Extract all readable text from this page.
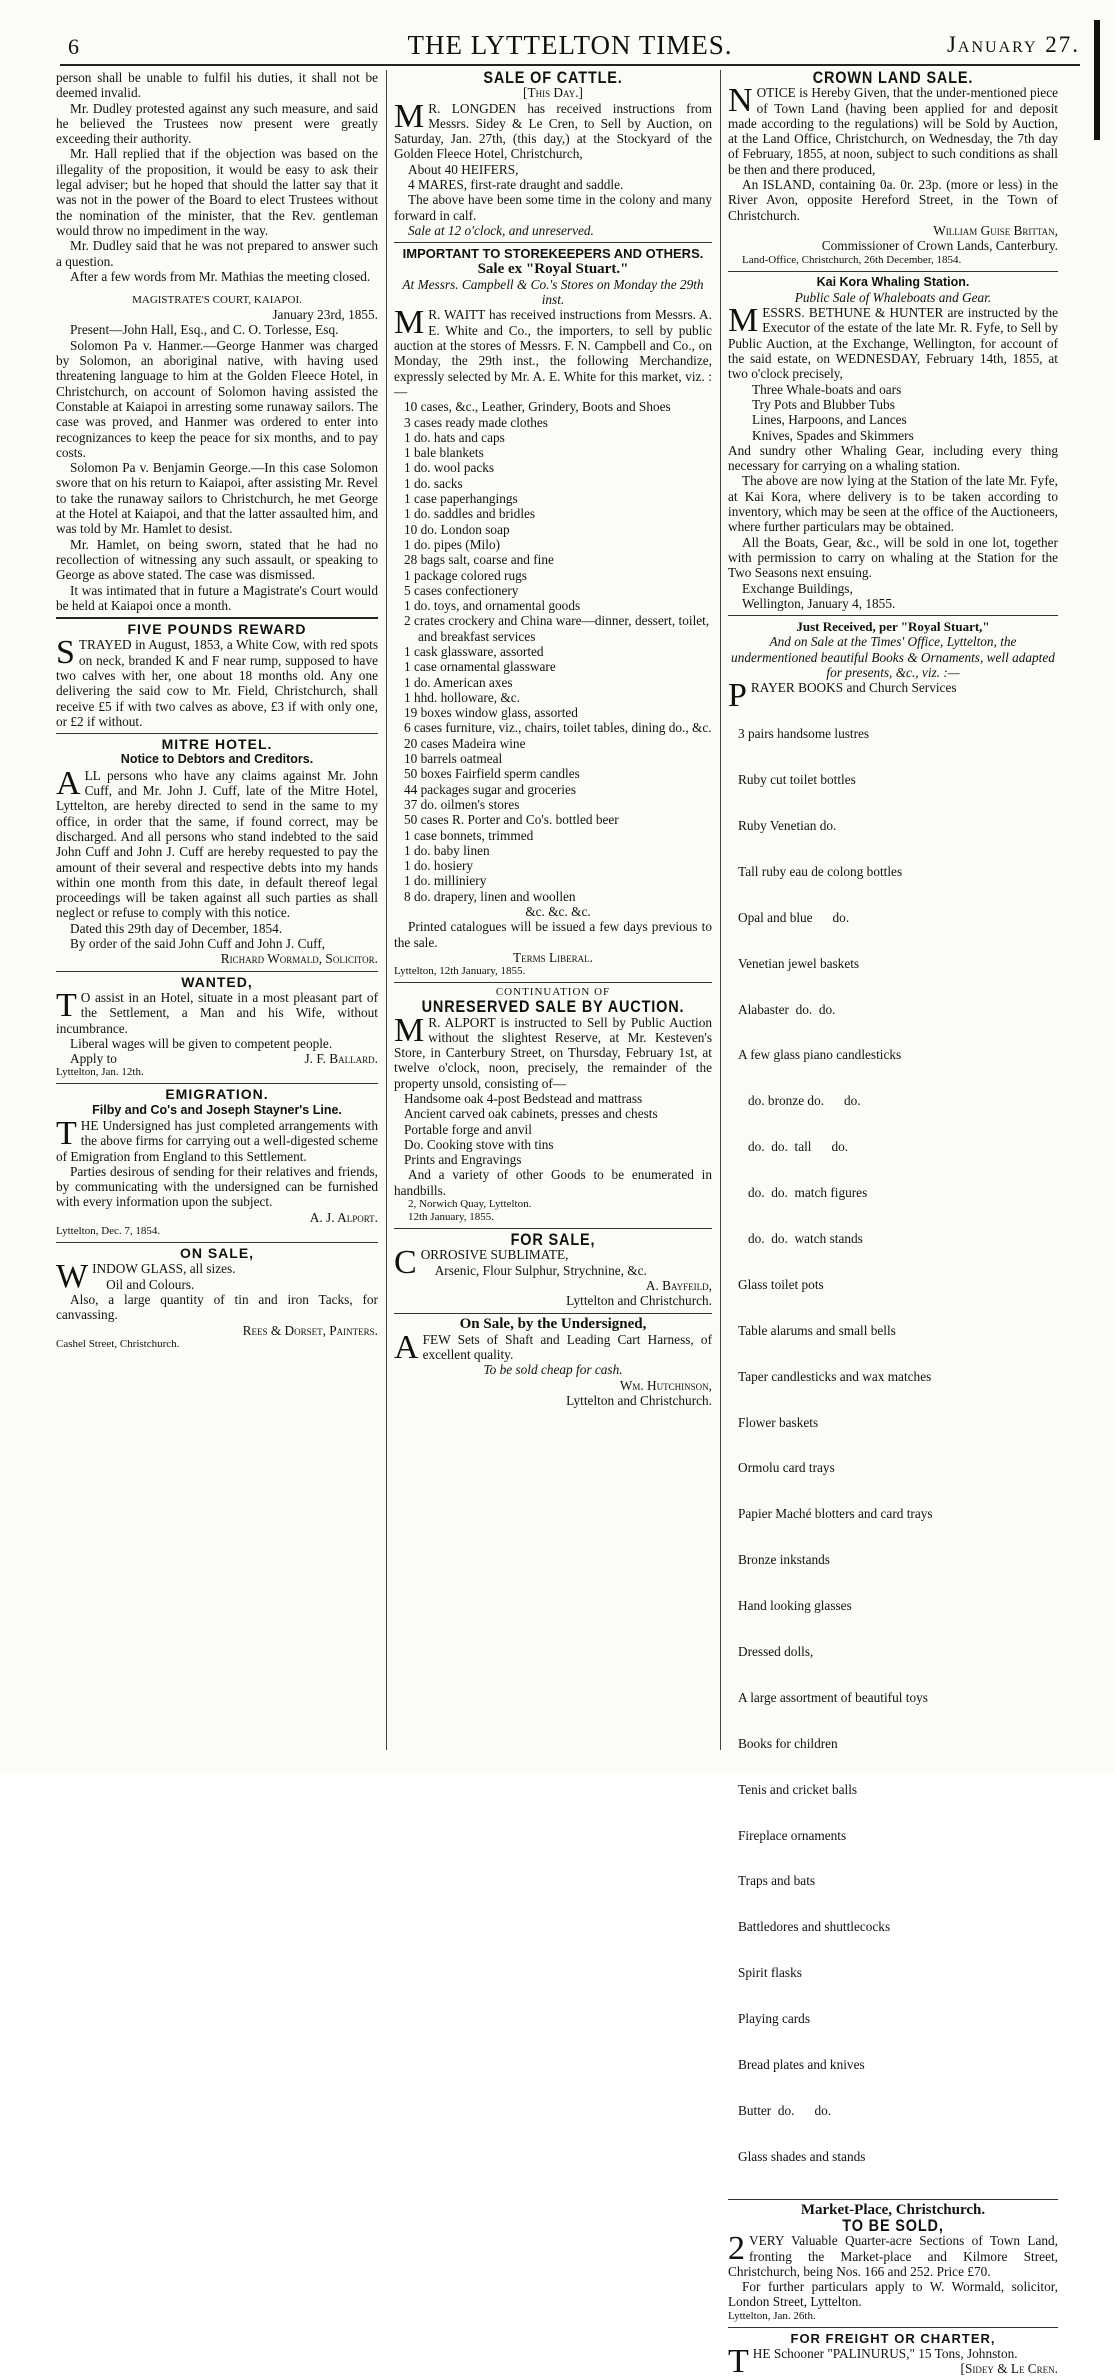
6	THE LYTTELTON TIMES.	January 27.

person shall be unable to fulfil his duties, it shall not be deemed invalid.

Mr. Dudley protested against any such measure, and said he believed the Trustees now present were greatly exceeding their authority.

Mr. Hall replied that if the objection was based on the illegality of the proposition, it would be easy to ask their legal adviser; but he hoped that should the latter say that it was not in the power of the Board to elect Trustees without the nomination of the minister, that the Rev. gentleman would throw no impediment in the way.

Mr. Dudley said that he was not prepared to answer such a question.

After a few words from Mr. Mathias the meeting closed.

MAGISTRATE'S COURT, KAIAPOI.

January 23rd, 1855.

Present—John Hall, Esq., and C. O. Torlesse, Esq.

Solomon Pa v. Hanmer.—George Hanmer was charged by Solomon, an aboriginal native, with having used threatening language to him at the Golden Fleece Hotel, in Christchurch, on account of Solomon having assisted the Constable at Kaiapoi in arresting some runaway sailors. The case was proved, and Hanmer was ordered to enter into recognizances to keep the peace for six months, and to pay costs.

Solomon Pa v. Benjamin George.—In this case Solomon swore that on his return to Kaiapoi, after assisting Mr. Revel to take the runaway sailors to Christchurch, he met George at the Hotel at Kaiapoi, and that the latter assaulted him, and was told by Mr. Hamlet to desist.

Mr. Hamlet, on being sworn, stated that he had no recollection of witnessing any such assault, or speaking to George as above stated. The case was dismissed.

It was intimated that in future a Magistrate's Court would be held at Kaiapoi once a month.

FIVE POUNDS REWARD

STRAYED in August, 1853, a White Cow, with red spots on neck, branded K and F near rump, supposed to have two calves with her, one about 18 months old. Any one delivering the said cow to Mr. Field, Christchurch, shall receive £5 if with two calves as above, £3 if with only one, or £2 if without.

MITRE HOTEL.
Notice to Debtors and Creditors.

ALL persons who have any claims against Mr. John Cuff, and Mr. John J. Cuff, late of the Mitre Hotel, Lyttelton, are hereby directed to send in the same to my office, in order that the same, if found correct, may be discharged. And all persons who stand indebted to the said John Cuff and John J. Cuff are hereby requested to pay the amount of their several and respective debts into my hands within one month from this date, in default thereof legal proceedings will be taken against all such parties as shall neglect or refuse to comply with this notice.

Dated this 29th day of December, 1854.

By order of the said John Cuff and John J. Cuff,

Richard Wormald, Solicitor.

WANTED,

T O assist in an Hotel, situate in a most pleasant part of the Settlement, a Man and his Wife, without incumbrance.

Liberal wages will be given to competent people.

Apply to	J. F. Ballard.

Lyttelton, Jan. 12th.

EMIGRATION.
Filby and Co's and Joseph Stayner's Line.

THE Undersigned has just completed arrangements with the above firms for carrying out a well-digested scheme of Emigration from England to this Settlement.

Parties desirous of sending for their relatives and friends, by communicating with the undersigned can be furnished with every information upon the subject.

A. J. Alport.

Lyttelton, Dec. 7, 1854.

ON SALE,

WINDOW GLASS, all sizes.

Oil and Colours.

Also, a large quantity of tin and iron Tacks, for canvassing.

Rees & Dorset, Painters.

Cashel Street, Christchurch.

SALE OF CATTLE.

[This Day.]

M R. LONGDEN has received instructions from Messrs. Sidey & Le Cren, to Sell by Auction, on Saturday, Jan. 27th, (this day,) at the Stockyard of the Golden Fleece Hotel, Christchurch,

About 40 HEIFERS,

4 MARES, first-rate draught and saddle.

The above have been some time in the colony and many forward in calf.

Sale at 12 o'clock, and unreserved.

IMPORTANT TO STOREKEEPERS AND OTHERS.
Sale ex "Royal Stuart."

At Messrs. Campbell & Co.'s Stores on Monday the 29th inst.

M R. WAITT has received instructions from Messrs. A. E. White and Co., the importers, to sell by public auction at the stores of Messrs. F. N. Campbell and Co., on Monday, the 29th inst., the following Merchandize, expressly selected by Mr. A. E. White for this market, viz. :—

10 cases, &c., Leather, Grindery, Boots and Shoes
3 cases ready made clothes
1 do. hats and caps
1 bale blankets
1 do. wool packs
1 do. sacks
1 case paperhangings
1 do. saddles and bridles
10 do. London soap
1 do. pipes (Milo)
28 bags salt, coarse and fine
1 package colored rugs
5 cases confectionery
1 do. toys, and ornamental goods
2 crates crockery and China ware—dinner, dessert, toilet, and breakfast services
1 cask glassware, assorted
1 case ornamental glassware
1 do. American axes
1 hhd. holloware, &c.
19 boxes window glass, assorted
6 cases furniture, viz., chairs, toilet tables, dining do., &c.
20 cases Madeira wine
10 barrels oatmeal
50 boxes Fairfield sperm candles
44 packages sugar and groceries
37 do. oilmen's stores
50 cases R. Porter and Co's. bottled beer
1 case bonnets, trimmed
1 do. baby linen
1 do. hosiery
1 do. milliniery
8 do. drapery, linen and woollen
&c. &c. &c.

Printed catalogues will be issued a few days previous to the sale.

Terms Liberal.

Lyttelton, 12th January, 1855.

CONTINUATION OF

UNRESERVED SALE BY AUCTION.

M R. ALPORT is instructed to Sell by Public Auction without the slightest Reserve, at Mr. Kesteven's Store, in Canterbury Street, on Thursday, February 1st, at twelve o'clock, noon, precisely, the remainder of the property unsold, consisting of—

Handsome oak 4-post Bedstead and mattrass
Ancient carved oak cabinets, presses and chests
Portable forge and anvil
Do. Cooking stove with tins
Prints and Engravings

And a variety of other Goods to be enumerated in handbills.

2, Norwich Quay, Lyttelton.

12th January, 1855.

FOR SALE,

CORROSIVE SUBLIMATE,

Arsenic, Flour Sulphur, Strychnine, &c.

A. Bayfeild,

Lyttelton and Christchurch.

On Sale, by the Undersigned,

AFEW Sets of Shaft and Leading Cart Harness, of excellent quality.

To be sold cheap for cash.

Wm. Hutchinson,

Lyttelton and Christchurch.

CROWN LAND SALE.

NOTICE is Hereby Given, that the under-mentioned piece of Town Land (having been applied for and deposit made according to the regulations) will be Sold by Auction, at the Land Office, Christchurch, on Wednesday, the 7th day of February, 1855, at noon, subject to such conditions as shall be then and there produced,

An ISLAND, containing 0a. 0r. 23p. (more or less) in the River Avon, opposite Hereford Street, in the Town of Christchurch.

William Guise Brittan,

Commissioner of Crown Lands, Canterbury.

Land-Office, Christchurch, 26th December, 1854.

Kai Kora Whaling Station.

Public Sale of Whaleboats and Gear.

MESSRS. BETHUNE & HUNTER are instructed by the Executor of the estate of the late Mr. R. Fyfe, to Sell by Public Auction, at the Exchange, Wellington, for account of the said estate, on WEDNESDAY, February 14th, 1855, at two o'clock precisely,

Three Whale-boats and oars
Try Pots and Blubber Tubs
Lines, Harpoons, and Lances
Knives, Spades and Skimmers

And sundry other Whaling Gear, including every thing necessary for carrying on a whaling station.

The above are now lying at the Station of the late Mr. Fyfe, at Kai Kora, where delivery is to be taken according to inventory, which may be seen at the office of the Auctioneers, where further particulars may be obtained.

All the Boats, Gear, &c., will be sold in one lot, together with permission to carry on whaling at the Station for the Two Seasons next ensuing.

Exchange Buildings,

Wellington, January 4, 1855.

Just Received, per "Royal Stuart,"

And on Sale at the Times' Office, Lyttelton, the undermentioned beautiful Books & Ornaments, well adapted for presents, &c., viz. :—

PRAYER BOOKS and Church Services

3 pairs handsome lustres

Ruby cut toilet bottles

Ruby Venetian do.

Tall ruby eau de colong bottles

Opal and blue      do.

Venetian jewel baskets

Alabaster  do.  do.

A few glass piano candlesticks

do. bronze do.      do.

do.  do.  tall      do.

do.  do.  match figures

do.  do.  watch stands

Glass toilet pots

Table alarums and small bells

Taper candlesticks and wax matches

Flower baskets

Ormolu card trays

Papier Maché blotters and card trays

Bronze inkstands

Hand looking glasses

Dressed dolls,

A large assortment of beautiful toys

Books for children

Tenis and cricket balls

Fireplace ornaments

Traps and bats

Battledores and shuttlecocks

Spirit flasks

Playing cards

Bread plates and knives

Butter  do.      do.

Glass shades and stands

Market-Place, Christchurch.
TO BE SOLD,

2 VERY Valuable Quarter-acre Sections of Town Land, fronting the Market-place and Kilmore Street, Christchurch, being Nos. 166 and 252. Price £70.

For further particulars apply to W. Wormald, solicitor, London Street, Lyttelton.

Lyttelton, Jan. 26th.

FOR FREIGHT OR CHARTER,

THE Schooner "PALINURUS," 15 Tons, Johnston.

[Sidey & Le Cren.
